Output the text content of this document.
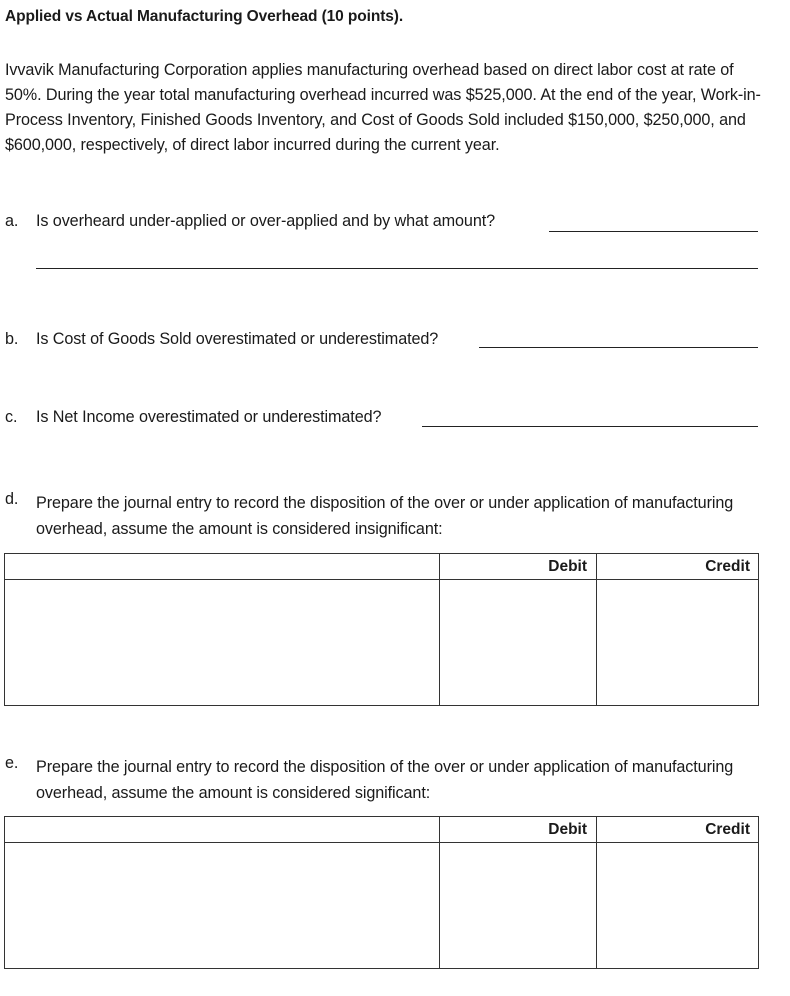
Applied vs Actual Manufacturing Overhead (10 points).
Ivvavik Manufacturing Corporation applies manufacturing overhead based on direct labor cost at rate of 50%. During the year total manufacturing overhead incurred was $525,000. At the end of the year, Work-in-Process Inventory, Finished Goods Inventory, and Cost of Goods Sold included $150,000, $250,000, and $600,000, respectively, of direct labor incurred during the current year.
a. Is overheard under-applied or over-applied and by what amount?
b. Is Cost of Goods Sold overestimated or underestimated?
c. Is Net Income overestimated or underestimated?
d. Prepare the journal entry to record the disposition of the over or under application of manufacturing overhead, assume the amount is considered insignificant:
	Debit	Credit

e. Prepare the journal entry to record the disposition of the over or under application of manufacturing overhead, assume the amount is considered significant:
	Debit	Credit
